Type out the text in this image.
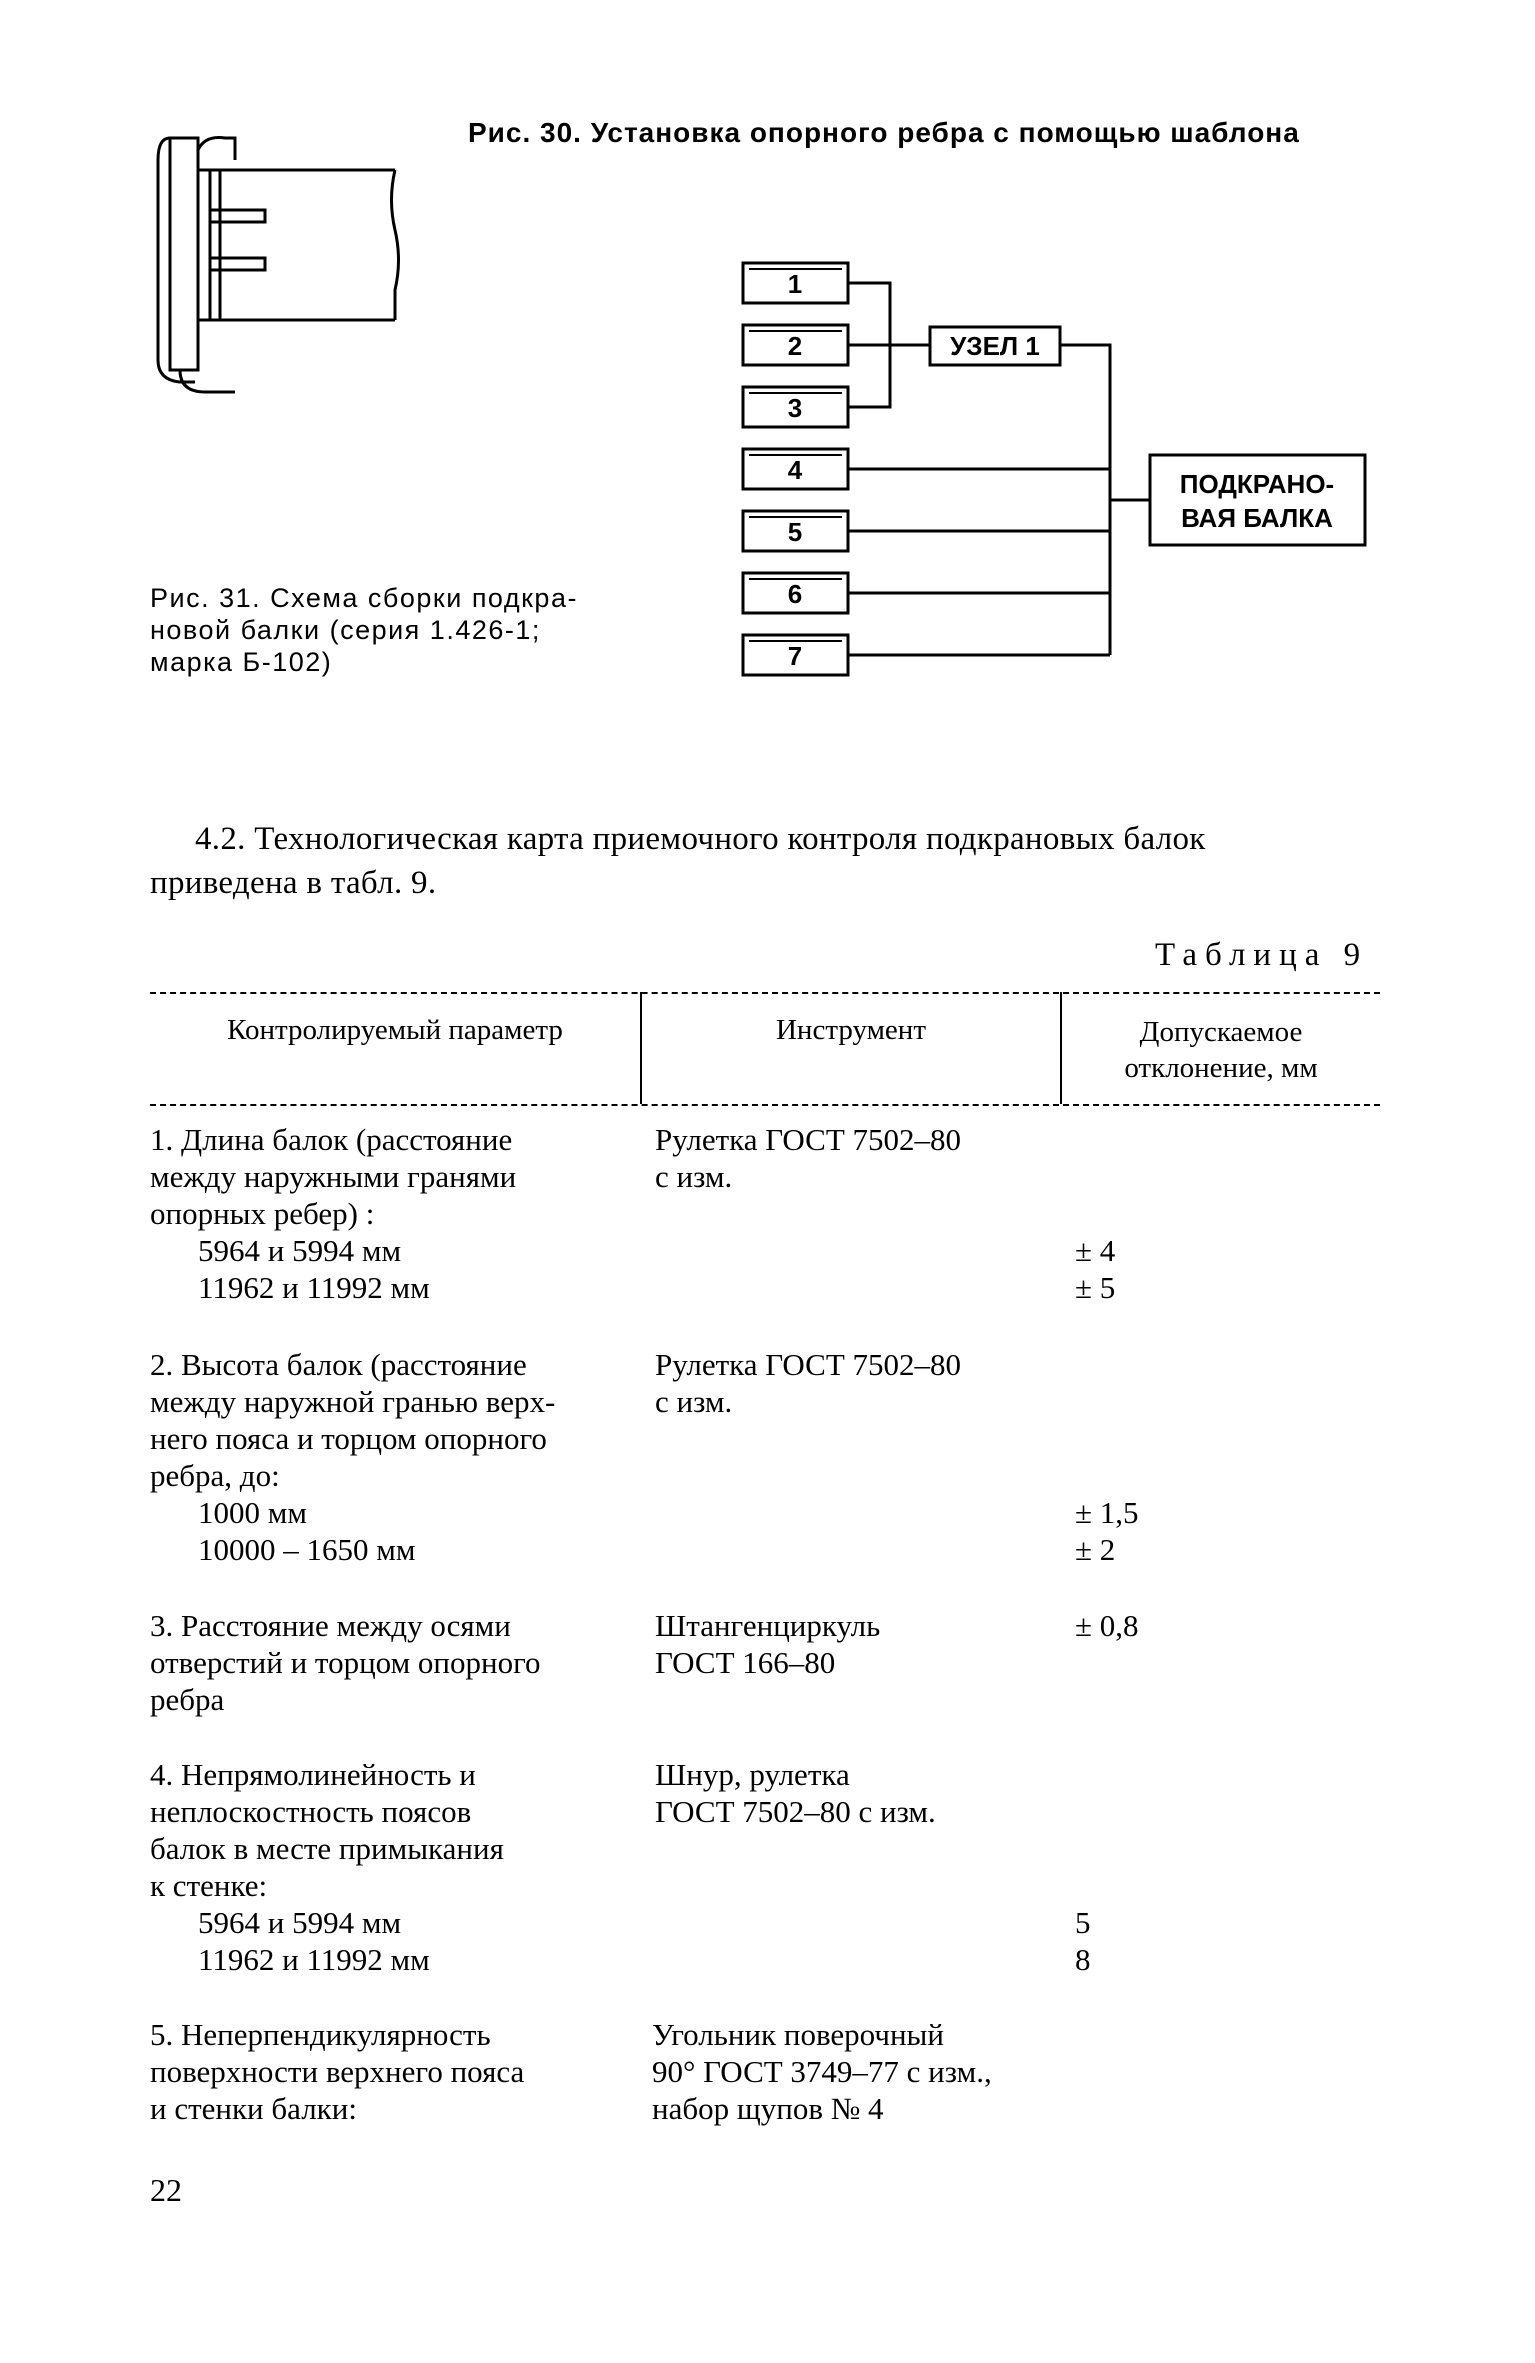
Рис. 30. Установка опорного ребра с помощью шаблона
1
2
3
4
5
6
7
УЗЕЛ 1
ПОДКРАНО-
ВАЯ БАЛКА
Рис. 31. Схема сборки подкра-
новой балки (серия 1.426-1;
марка Б-102)
4.2. Технологическая карта приемочного контроля подкрановых балок
приведена в табл. 9.
Таблица 9
Контролируемый параметр	Инструмент	Допускаемое
отклонение, мм
1. Длина балок (расстояние
между наружными гранями
опорных ребер) :
5964 и 5994 мм
11962 и 11992 мм
Рулетка ГОСТ 7502–80
с изм.
± 4
± 5
2. Высота балок (расстояние
между наружной гранью верх-
него пояса и торцом опорного
ребра, до:
1000 мм
10000 – 1650 мм
Рулетка ГОСТ 7502–80
с изм.
± 1,5
± 2
3. Расстояние между осями
отверстий и торцом опорного
ребра
Штангенциркуль
ГОСТ 166–80
± 0,8
4. Непрямолинейность и
неплоскостность поясов
балок в месте примыкания
к стенке:
5964 и 5994 мм
11962 и 11992 мм
Шнур, рулетка
ГОСТ 7502–80 с изм.
5
8
5. Неперпендикулярность
поверхности верхнего пояса
и стенки балки:
Угольник поверочный
90° ГОСТ 3749–77 с изм.,
набор щупов № 4
22
